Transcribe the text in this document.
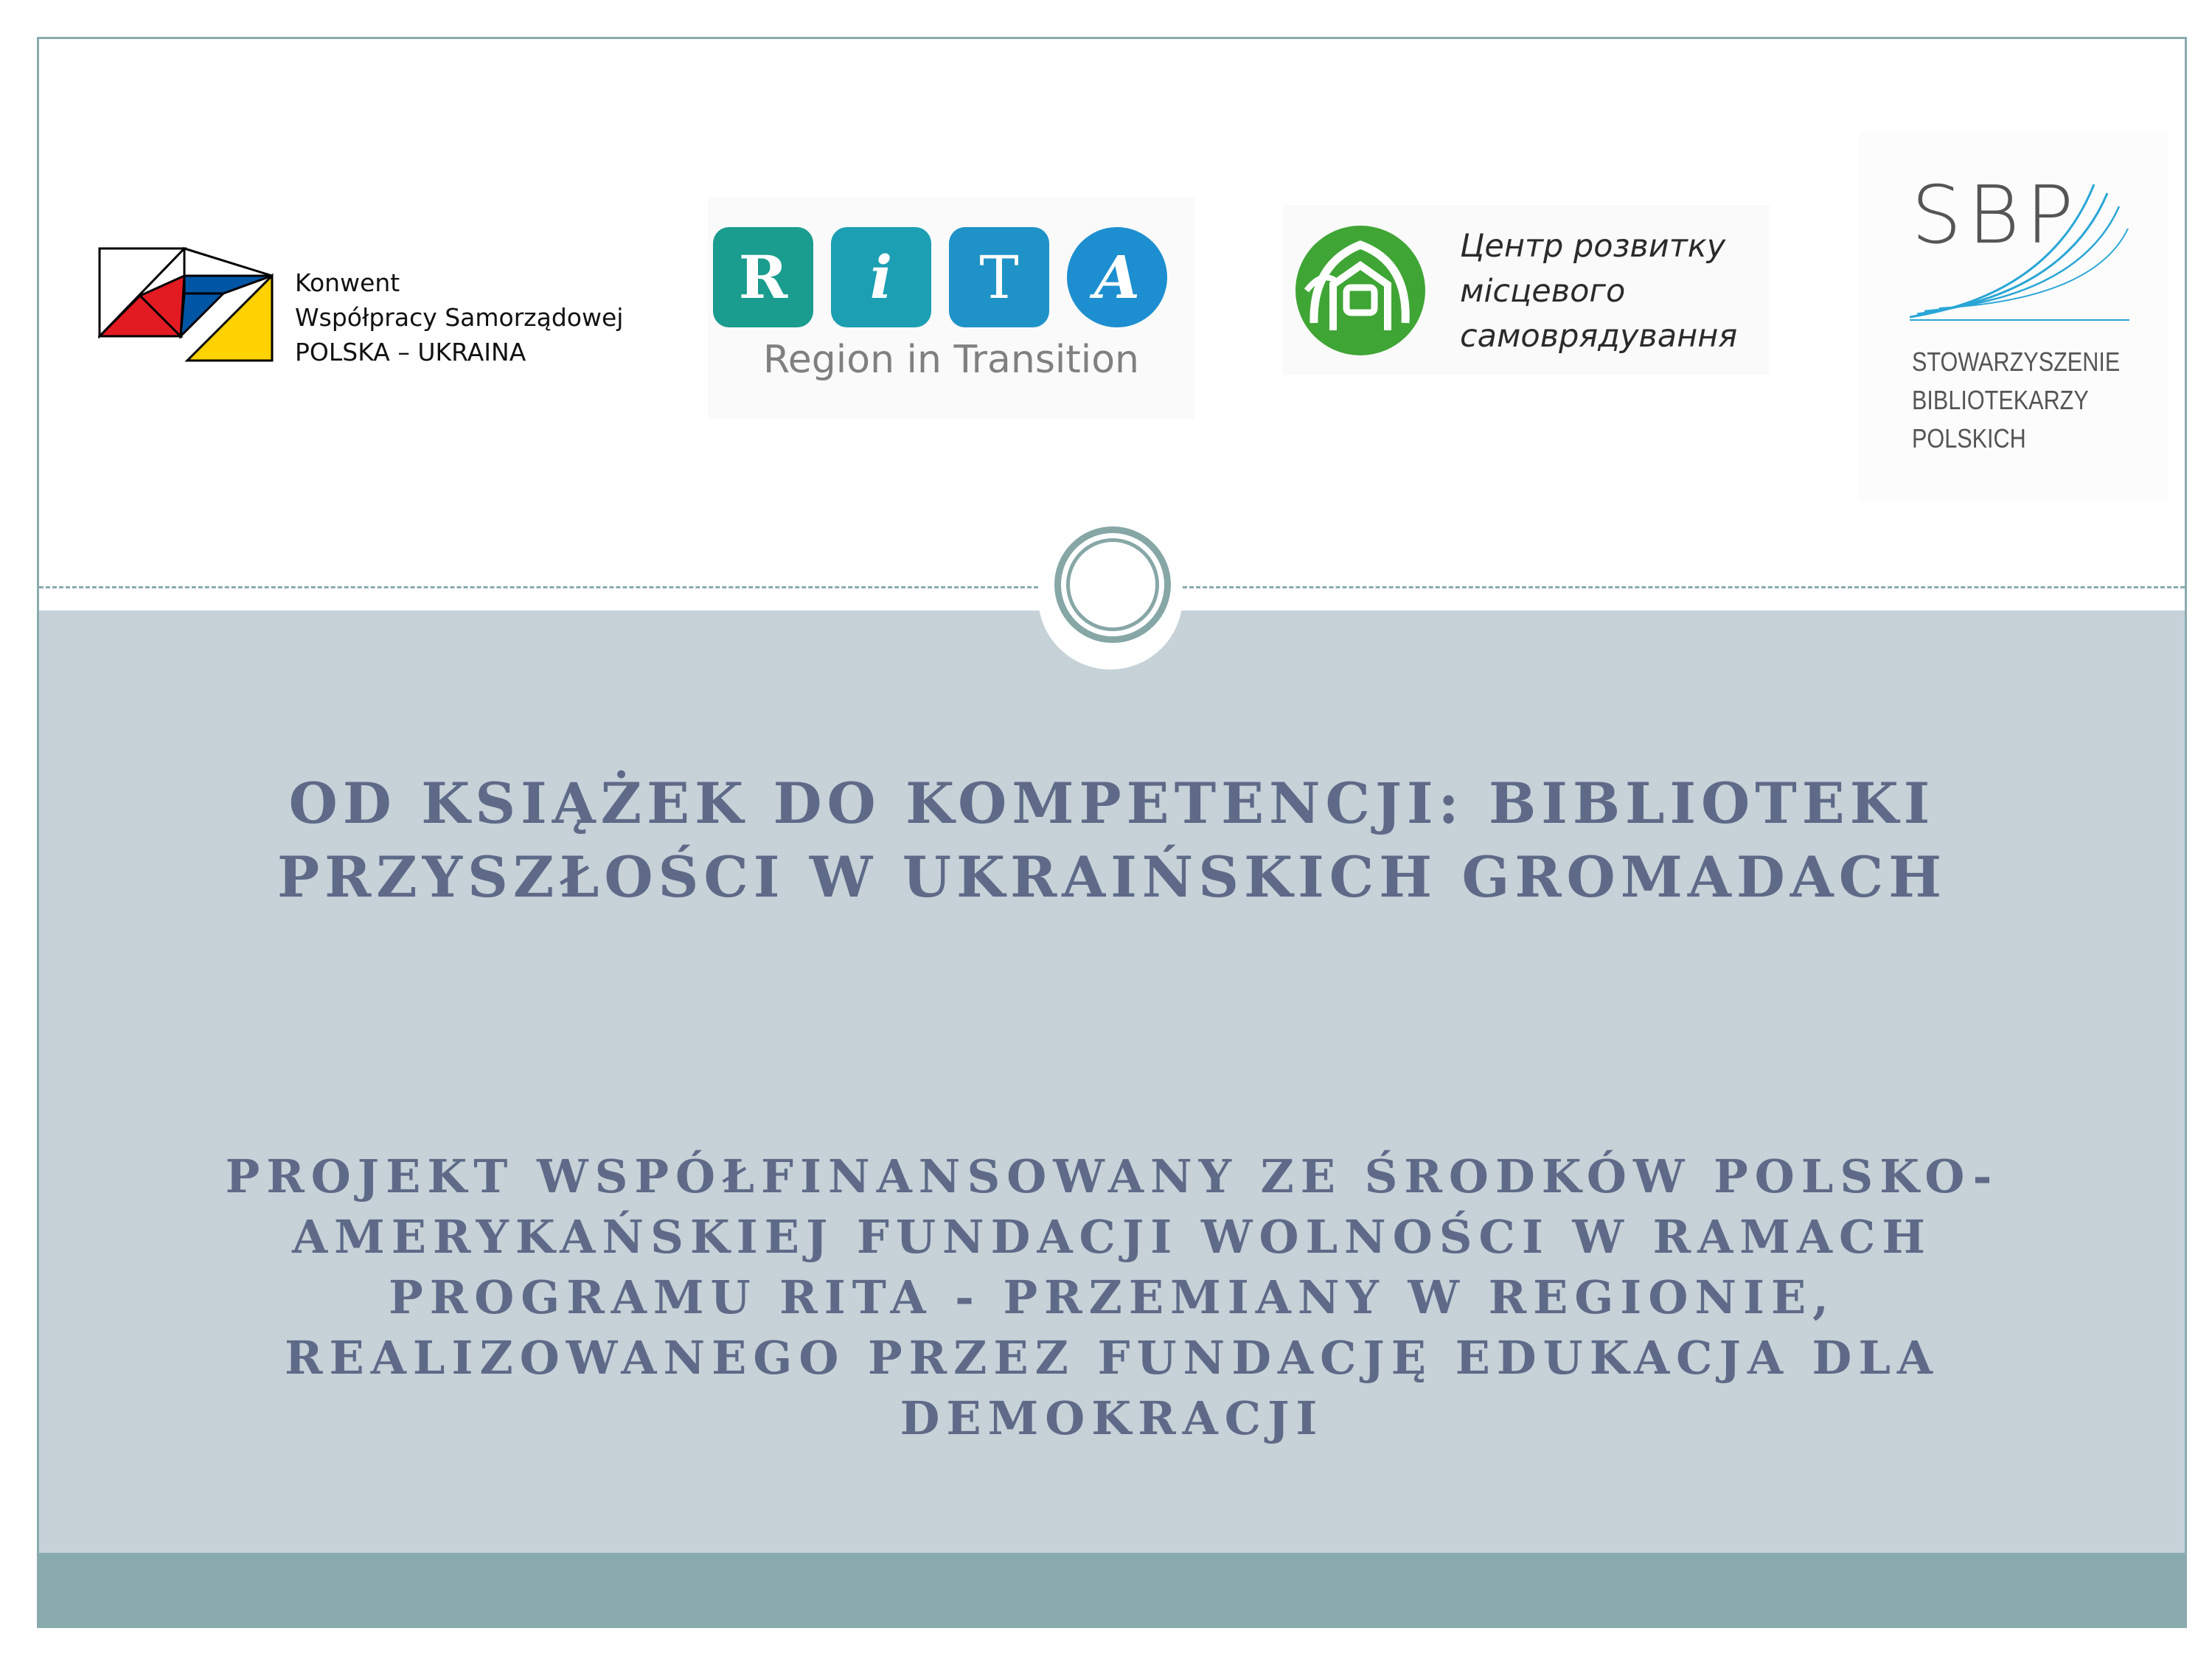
Konwent
Współpracy Samorządowej
POLSKA – UKRAINA
R	i	T	A
Region in Transition
Центр розвитку
місцевого
самоврядування
SBP
STOWARZYSZENIE
BIBLIOTEKARZY
POLSKICH
OD KSIĄŻEK DO KOMPETENCJI: BIBLIOTEKI PRZYSZŁOŚCI W UKRAIŃSKICH GROMADACH
PROJEKT WSPÓŁFINANSOWANY ZE ŚRODKÓW POLSKO-AMERYKAŃSKIEJ FUNDACJI WOLNOŚCI W RAMACH PROGRAMU RITA - PRZEMIANY W REGIONIE, REALIZOWANEGO PRZEZ FUNDACJĘ EDUKACJA DLA DEMOKRACJI
